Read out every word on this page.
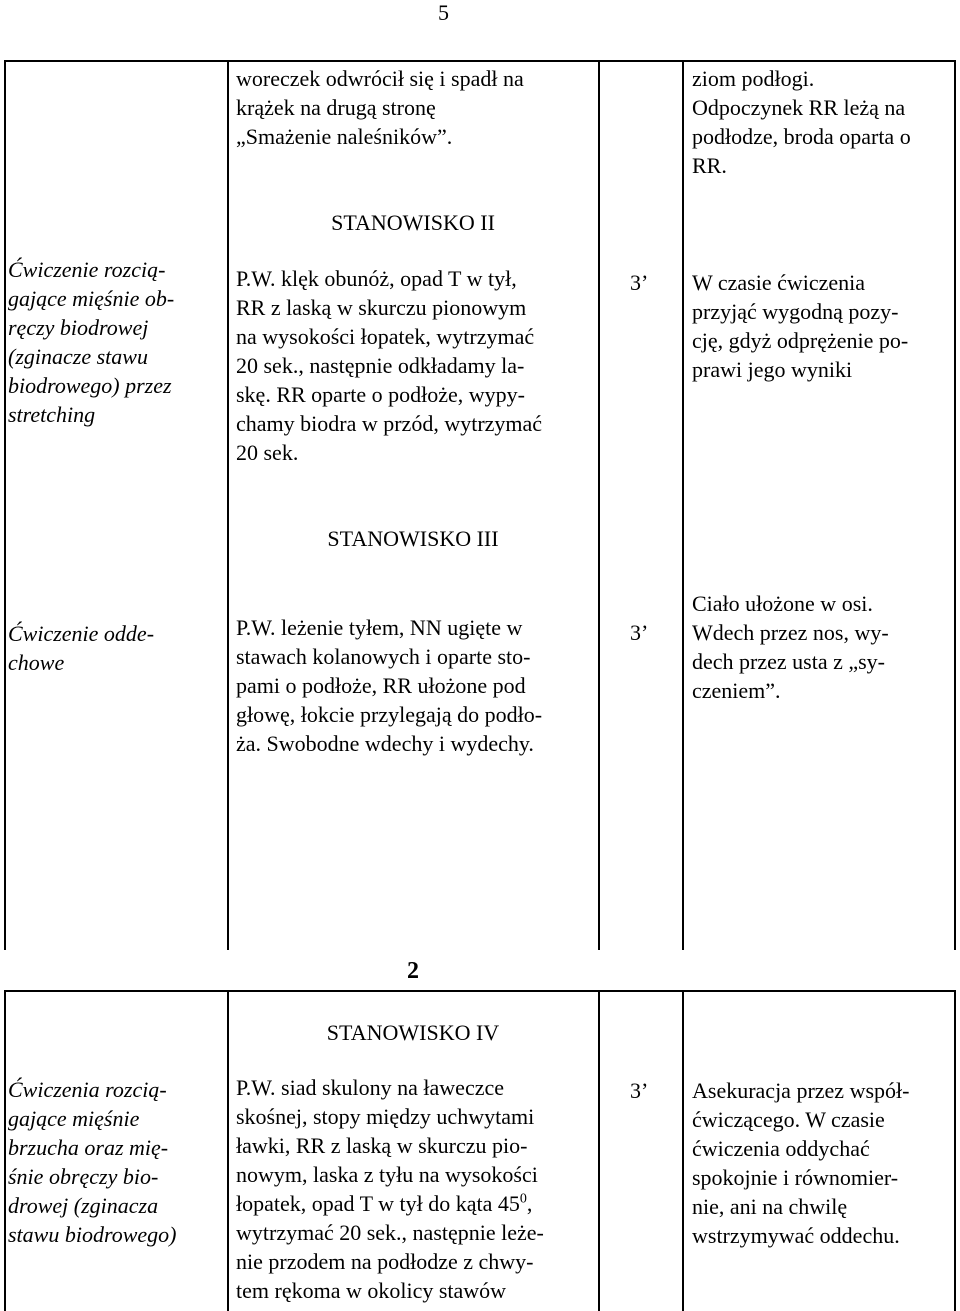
5
woreczek odwrócił się i spadł na
krążek na drugą stronę
„Smażenie naleśników”.
ziom podłogi.
Odpoczynek RR leżą na
podłodze, broda oparta o
RR.
STANOWISKO II
Ćwiczenie rozcią-
gające mięśnie ob-
ręczy biodrowej
(zginacze stawu
biodrowego) przez
stretching
P.W. klęk obunóż, opad T w tył,
RR z laską w skurczu pionowym
na wysokości łopatek, wytrzymać
20 sek., następnie odkładamy la-
skę. RR oparte o podłoże, wypy-
chamy biodra w przód, wytrzymać
20 sek.
3’ W czasie ćwiczenia
przyjąć wygodną pozy-
cję, gdyż odprężenie po-
prawi jego wyniki
STANOWISKO III
Ćwiczenie odde-
chowe
P.W. leżenie tyłem, NN ugięte w
stawach kolanowych i oparte sto-
pami o podłoże, RR ułożone pod
głowę, łokcie przylegają do podło-
ża. Swobodne wdechy i wydechy.
3’
Ciało ułożone w osi.
Wdech przez nos, wy-
dech przez usta z „sy-
czeniem”.
2
STANOWISKO IV
Ćwiczenia rozcią-
gające mięśnie
brzucha oraz mię-
śnie obręczy bio-
drowej (zginacza
stawu biodrowego)
P.W. siad skulony na ławeczce
skośnej, stopy między uchwytami
ławki, RR z laską w skurczu pio-
nowym, laska z tyłu na wysokości
łopatek, opad T w tył do kąta $45^0$,
wytrzymać 20 sek., następnie leże-
nie przodem na podłodze z chwy-
tem rękoma w okolicy stawów
3’ Asekuracja przez współ-
ćwiczącego. W czasie
ćwiczenia oddychać
spokojnie i równomier-
nie, ani na chwilę
wstrzymywać oddechu.
